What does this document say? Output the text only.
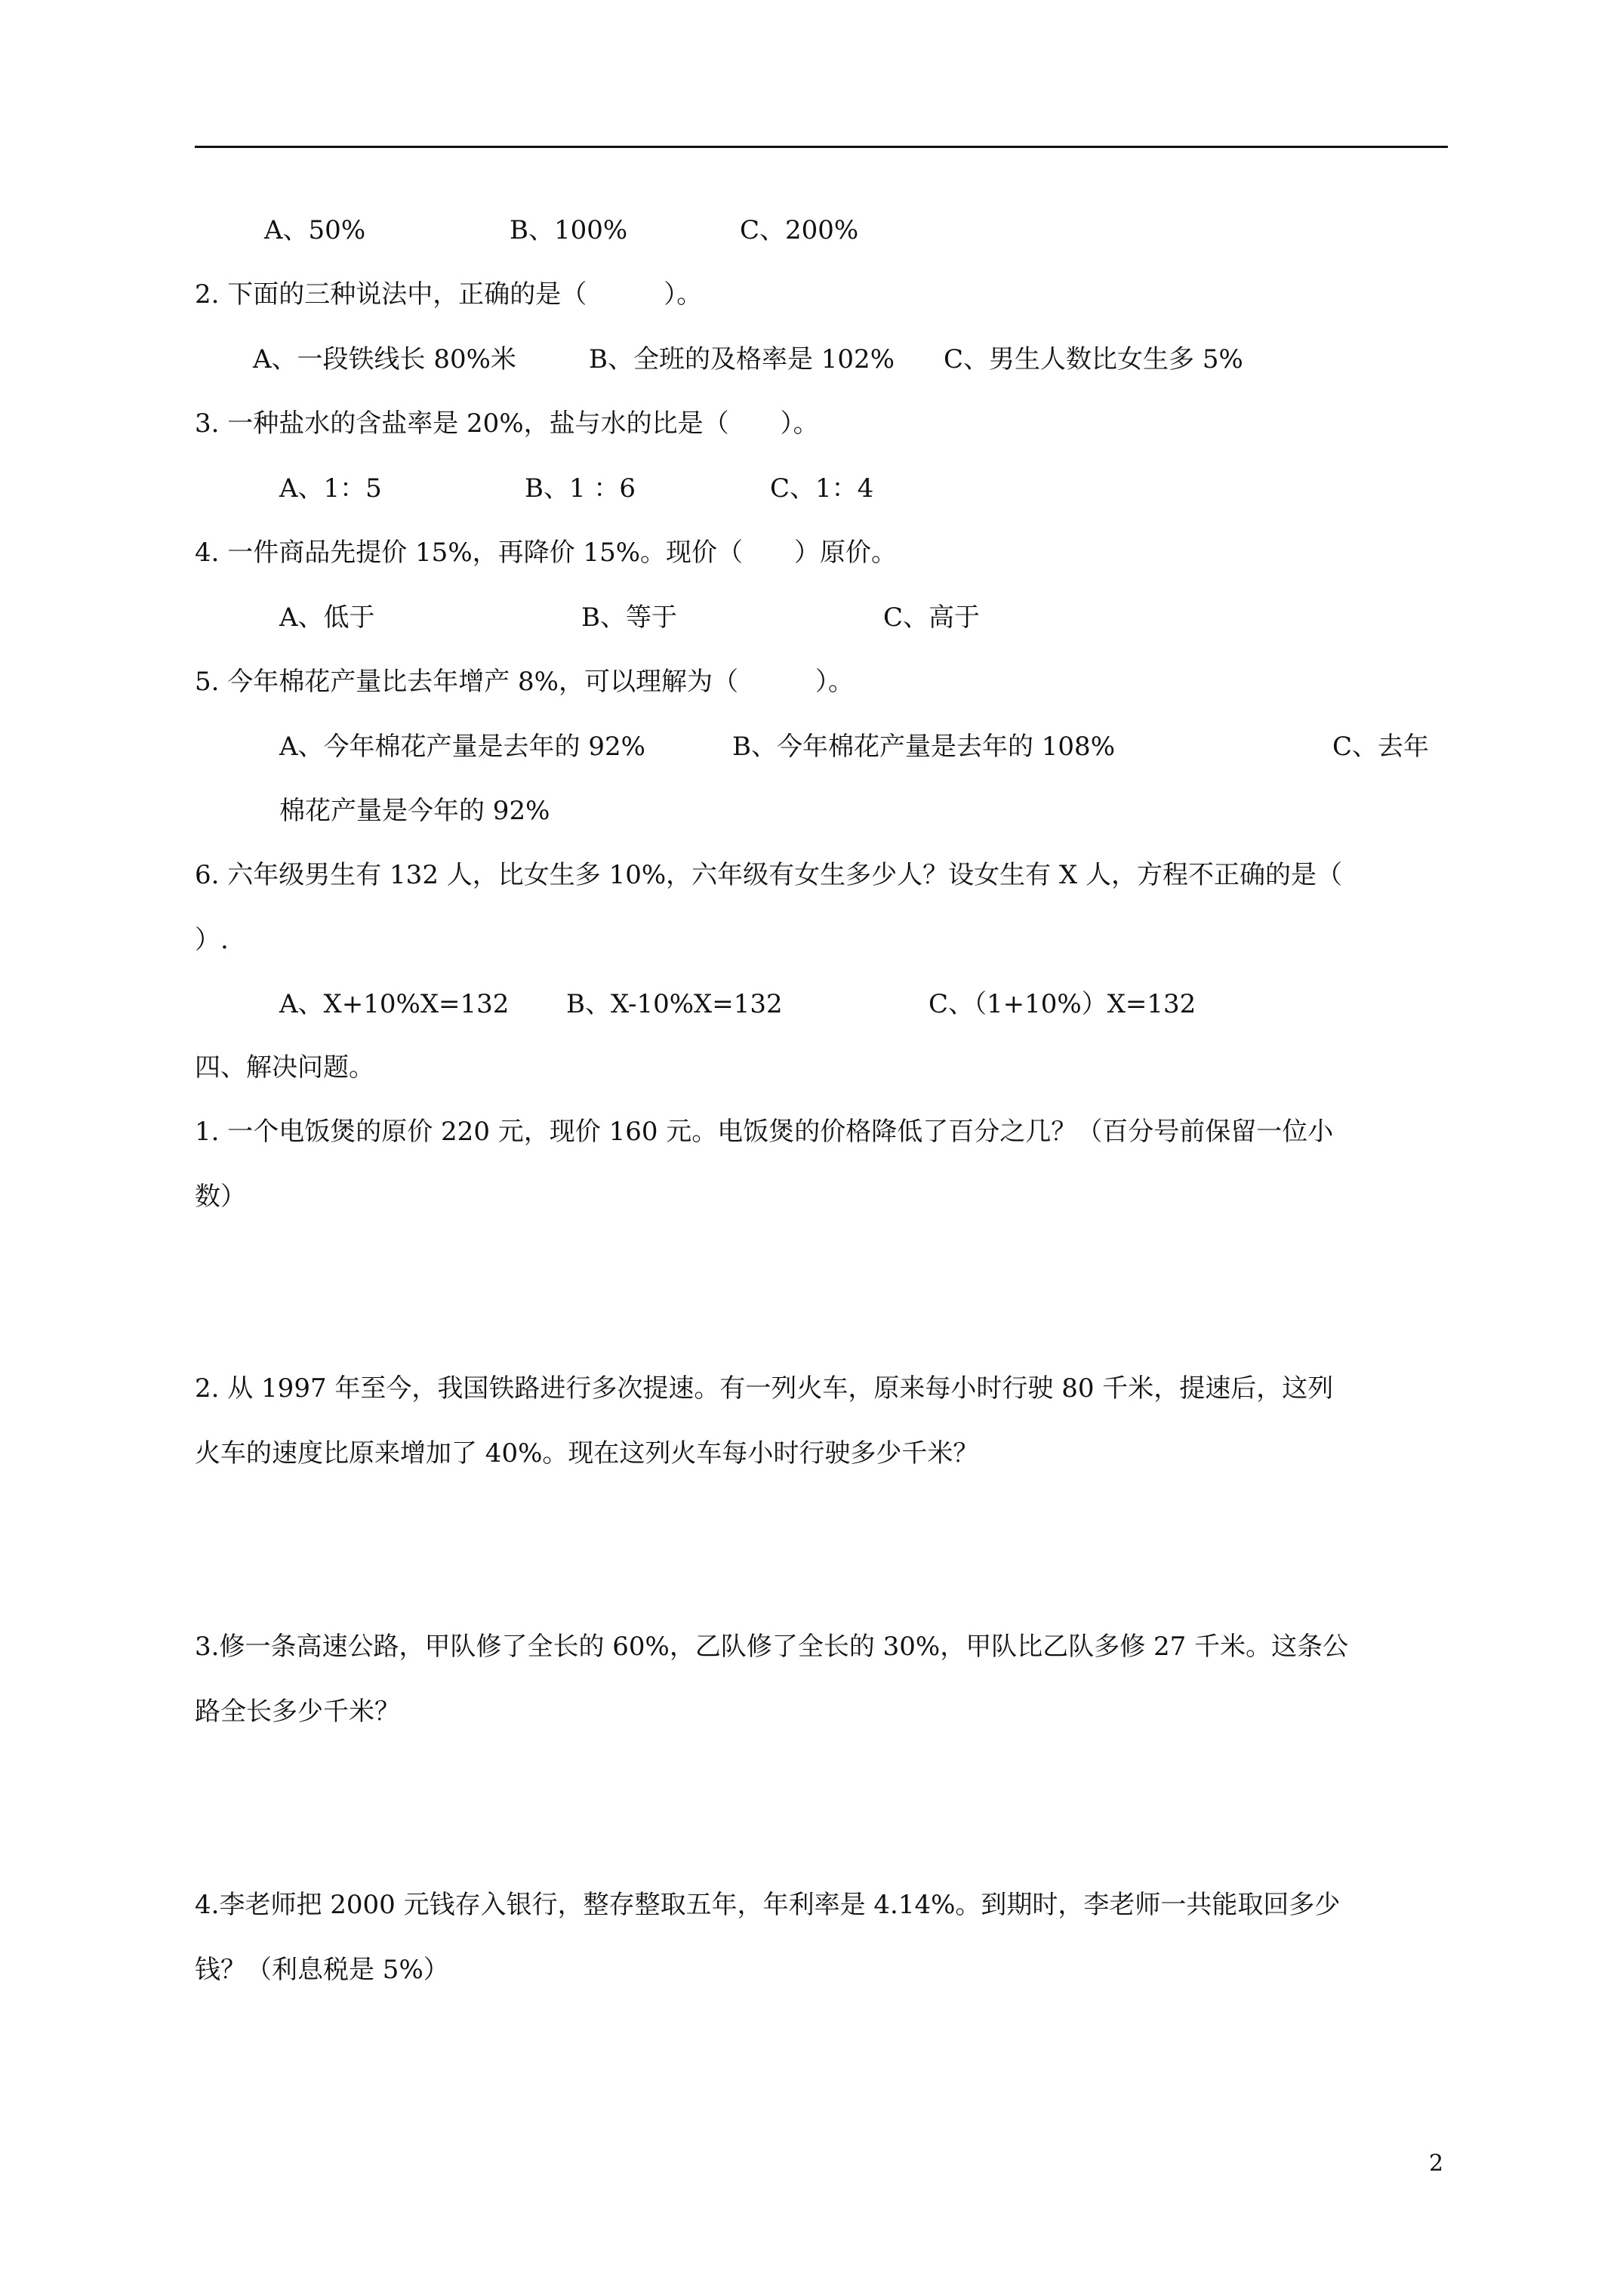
A、50%	B、100%	C、200%
2. 下面的三种说法中，正确的是（　　　）。
A、一段铁线长 80%米	B、全班的及格率是 102% C、男生人数比女生多 5%
3. 一种盐水的含盐率是 20%，盐与水的比是（　　）。
A、1：5	B、1 ：6	C、1：4
4. 一件商品先提价 15%，再降价 15%。现价（　　）原价。
A、低于	B、等于	C、高于
5. 今年棉花产量比去年增产 8%，可以理解为（　　　）。
A、今年棉花产量是去年的 92%	B、今年棉花产量是去年的 108%	C、去年
棉花产量是今年的 92%
6. 六年级男生有 132 人，比女生多 10%，六年级有女生多少人？设女生有 X 人，方程不正确的是（
）.
A、X+10%X=132 B、X-10%X=132	C、（1+10%）X=132
四、解决问题。
1. 一个电饭煲的原价 220 元，现价 160 元。电饭煲的价格降低了百分之几？（百分号前保留一位小
数）
2. 从 1997 年至今，我国铁路进行多次提速。有一列火车，原来每小时行驶 80 千米，提速后，这列
火车的速度比原来增加了 40%。现在这列火车每小时行驶多少千米？
3.修一条高速公路，甲队修了全长的 60%，乙队修了全长的 30%，甲队比乙队多修 27 千米。这条公
路全长多少千米？
4.李老师把 2000 元钱存入银行，整存整取五年，年利率是 4.14%。到期时，李老师一共能取回多少
钱？（利息税是 5%）
2
